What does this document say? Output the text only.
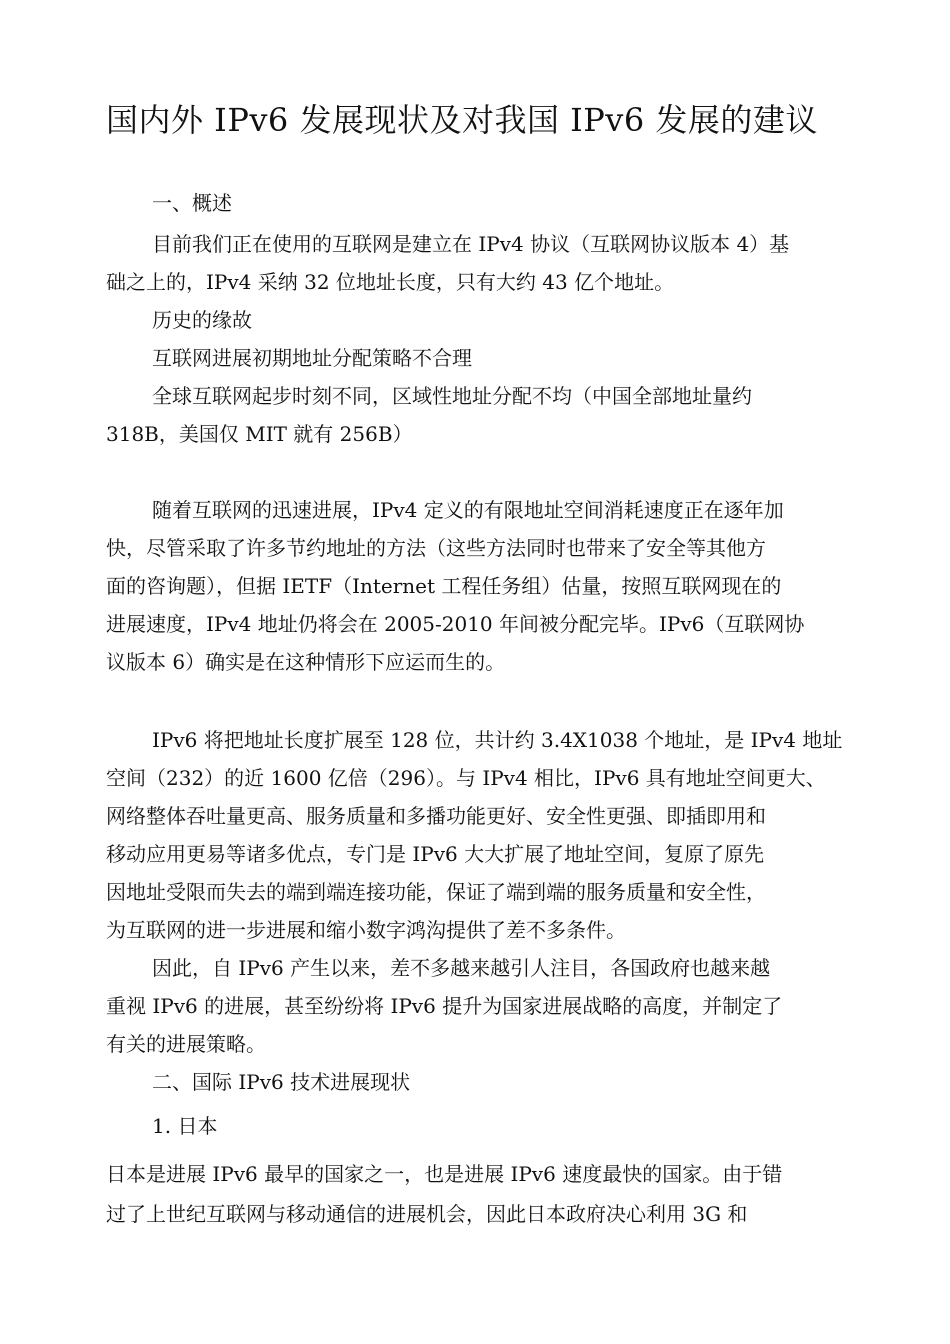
国内外 IPv6 发展现状及对我国 IPv6 发展的建议
一、概述
目前我们正在使用的互联网是建立在 IPv4 协议（互联网协议版本 4）基
础之上的，IPv4 采纳 32 位地址长度，只有大约 43 亿个地址。
历史的缘故
互联网进展初期地址分配策略不合理
全球互联网起步时刻不同，区域性地址分配不均（中国全部地址量约
318B，美国仅 MIT 就有 256B）
随着互联网的迅速进展，IPv4 定义的有限地址空间消耗速度正在逐年加
快，尽管采取了许多节约地址的方法（这些方法同时也带来了安全等其他方
面的咨询题），但据 IETF（Internet 工程任务组）估量，按照互联网现在的
进展速度，IPv4 地址仍将会在 2005-2010 年间被分配完毕。IPv6（互联网协
议版本 6）确实是在这种情形下应运而生的。
IPv6 将把地址长度扩展至 128 位，共计约 3.4X1038 个地址，是 IPv4 地址
空间（232）的近 1600 亿倍（296）。与 IPv4 相比，IPv6 具有地址空间更大、
网络整体吞吐量更高、服务质量和多播功能更好、安全性更强、即插即用和
移动应用更易等诸多优点，专门是 IPv6 大大扩展了地址空间，复原了原先
因地址受限而失去的端到端连接功能，保证了端到端的服务质量和安全性，
为互联网的进一步进展和缩小数字鸿沟提供了差不多条件。
因此，自 IPv6 产生以来，差不多越来越引人注目，各国政府也越来越
重视 IPv6 的进展，甚至纷纷将 IPv6 提升为国家进展战略的高度，并制定了
有关的进展策略。
二、国际 IPv6 技术进展现状
1. 日本
日本是进展 IPv6 最早的国家之一，也是进展 IPv6 速度最快的国家。由于错
过了上世纪互联网与移动通信的进展机会，因此日本政府决心利用 3G 和
